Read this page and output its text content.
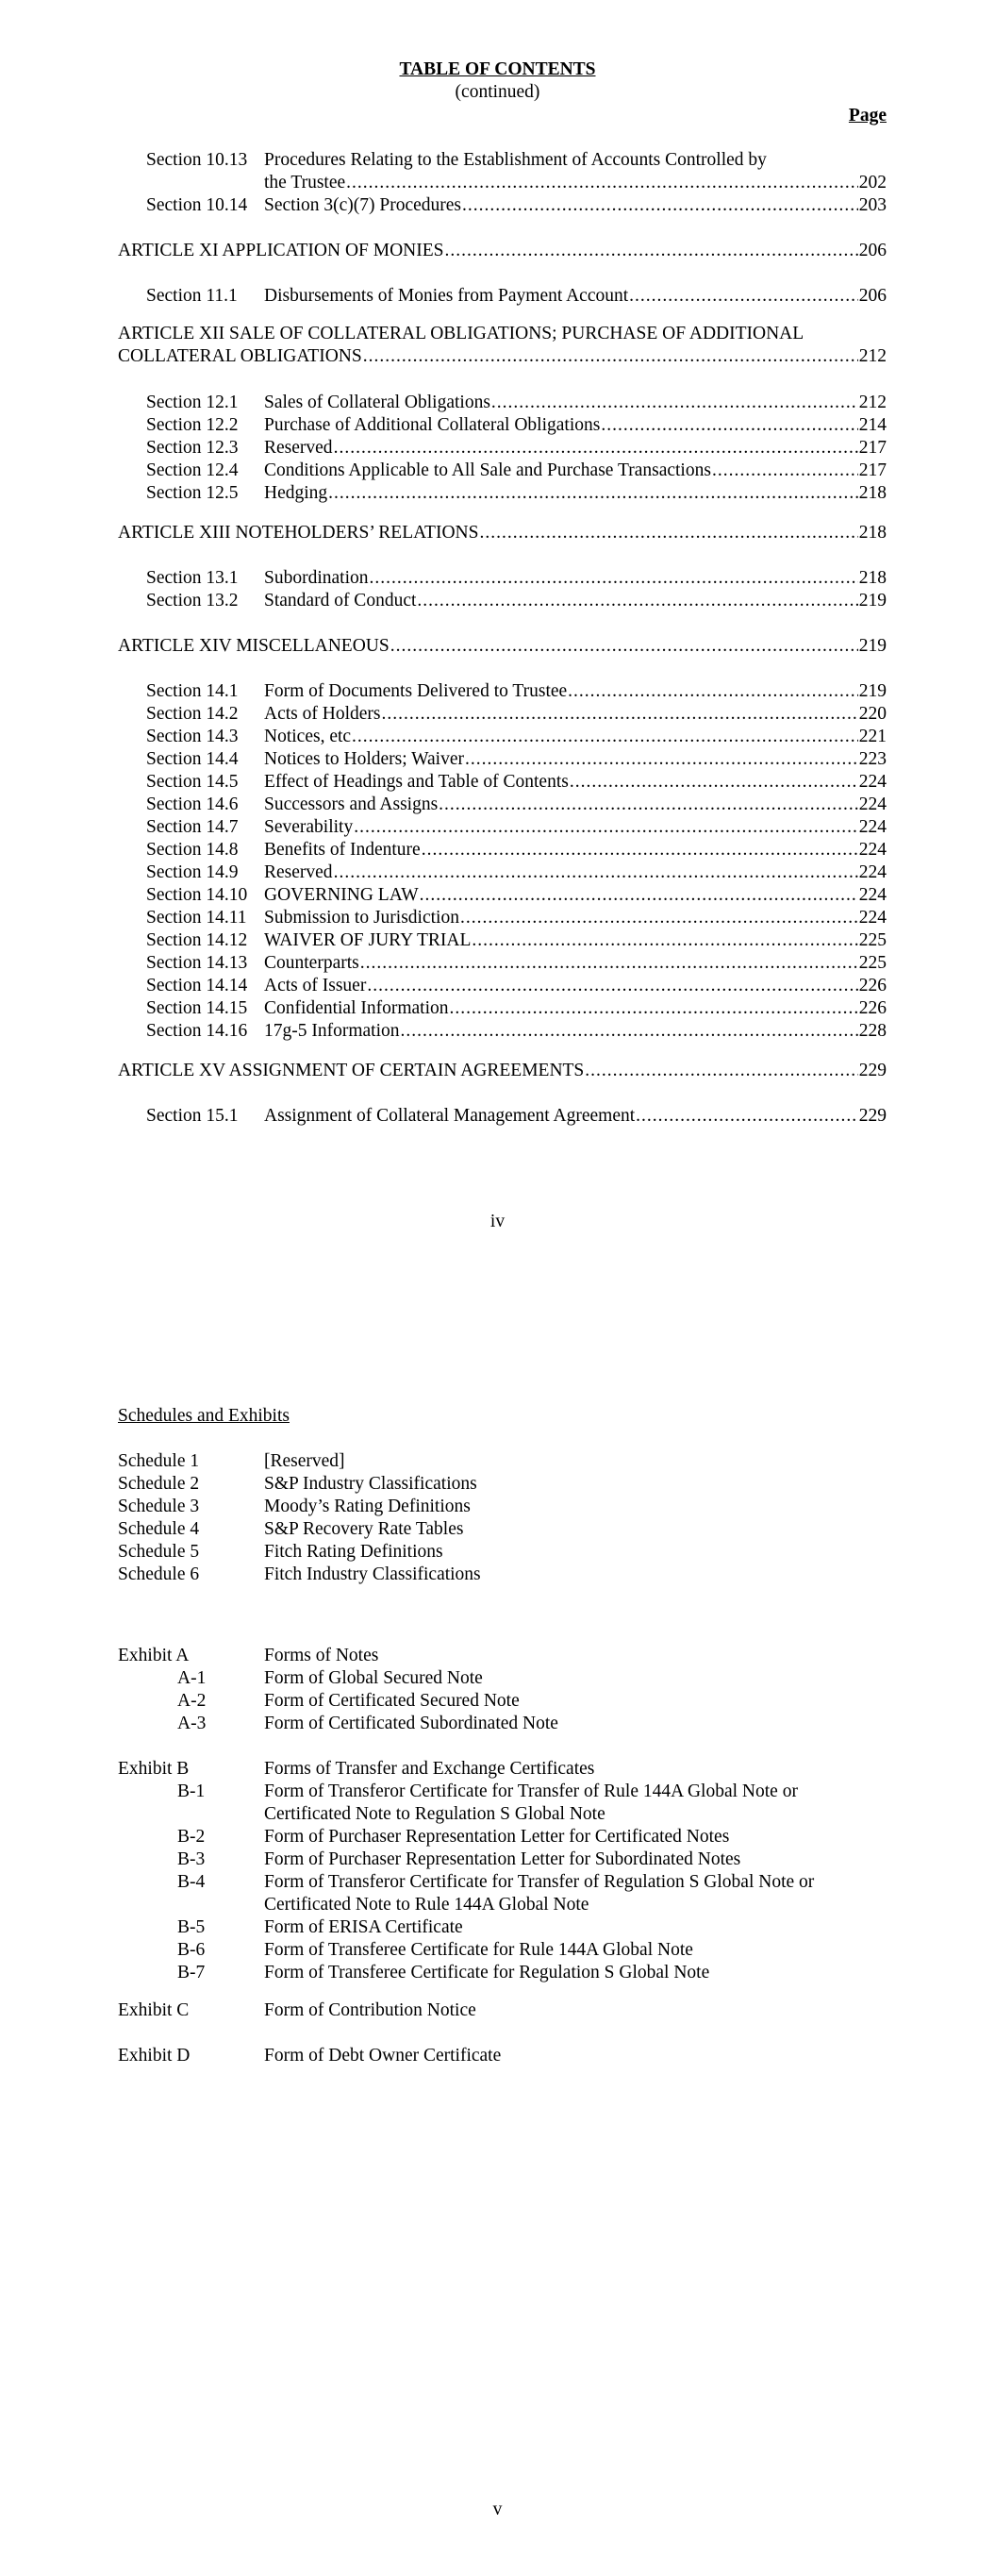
TABLE OF CONTENTS
(continued)
Page
Section 10.13 Procedures Relating to the Establishment of Accounts Controlled by
the Trustee .....	202
Section 10.14 Section 3(c)(7) Procedures .....	203
ARTICLE XI APPLICATION OF MONIES .....	206
Section 11.1 Disbursements of Monies from Payment Account .....	206
ARTICLE XII SALE OF COLLATERAL OBLIGATIONS; PURCHASE OF ADDITIONAL
COLLATERAL OBLIGATIONS .....	212
Section 12.1 Sales of Collateral Obligations .....	212
Section 12.2 Purchase of Additional Collateral Obligations .....	214
Section 12.3 Reserved .....	217
Section 12.4 Conditions Applicable to All Sale and Purchase Transactions .....	217
Section 12.5 Hedging .....	218
ARTICLE XIII NOTEHOLDERS’ RELATIONS .....	218
Section 13.1 Subordination .....	218
Section 13.2 Standard of Conduct .....	219
ARTICLE XIV MISCELLANEOUS .....	219
Section 14.1 Form of Documents Delivered to Trustee .....	219
Section 14.2 Acts of Holders .....	220
Section 14.3 Notices, etc .....	221
Section 14.4 Notices to Holders; Waiver .....	223
Section 14.5 Effect of Headings and Table of Contents .....	224
Section 14.6 Successors and Assigns .....	224
Section 14.7 Severability .....	224
Section 14.8 Benefits of Indenture .....	224
Section 14.9 Reserved .....	224
Section 14.10 GOVERNING LAW .....	224
Section 14.11 Submission to Jurisdiction .....	224
Section 14.12 WAIVER OF JURY TRIAL .....	225
Section 14.13 Counterparts .....	225
Section 14.14 Acts of Issuer .....	226
Section 14.15 Confidential Information .....	226
Section 14.16 17g-5 Information .....	228
ARTICLE XV ASSIGNMENT OF CERTAIN AGREEMENTS .....	229
Section 15.1 Assignment of Collateral Management Agreement .....	229
iv
Schedules and Exhibits
Schedule 1	[Reserved]
Schedule 2	S&P Industry Classifications
Schedule 3	Moody’s Rating Definitions
Schedule 4	S&P Recovery Rate Tables
Schedule 5	Fitch Rating Definitions
Schedule 6	Fitch Industry Classifications
Exhibit A	Forms of Notes
A-1	Form of Global Secured Note
A-2	Form of Certificated Secured Note
A-3	Form of Certificated Subordinated Note
Exhibit B	Forms of Transfer and Exchange Certificates
B-1	Form of Transferor Certificate for Transfer of Rule 144A Global Note or
Certificated Note to Regulation S Global Note
B-2	Form of Purchaser Representation Letter for Certificated Notes
B-3	Form of Purchaser Representation Letter for Subordinated Notes
B-4	Form of Transferor Certificate for Transfer of Regulation S Global Note or
Certificated Note to Rule 144A Global Note
B-5	Form of ERISA Certificate
B-6	Form of Transferee Certificate for Rule 144A Global Note
B-7	Form of Transferee Certificate for Regulation S Global Note
Exhibit C	Form of Contribution Notice
Exhibit D	Form of Debt Owner Certificate
v
